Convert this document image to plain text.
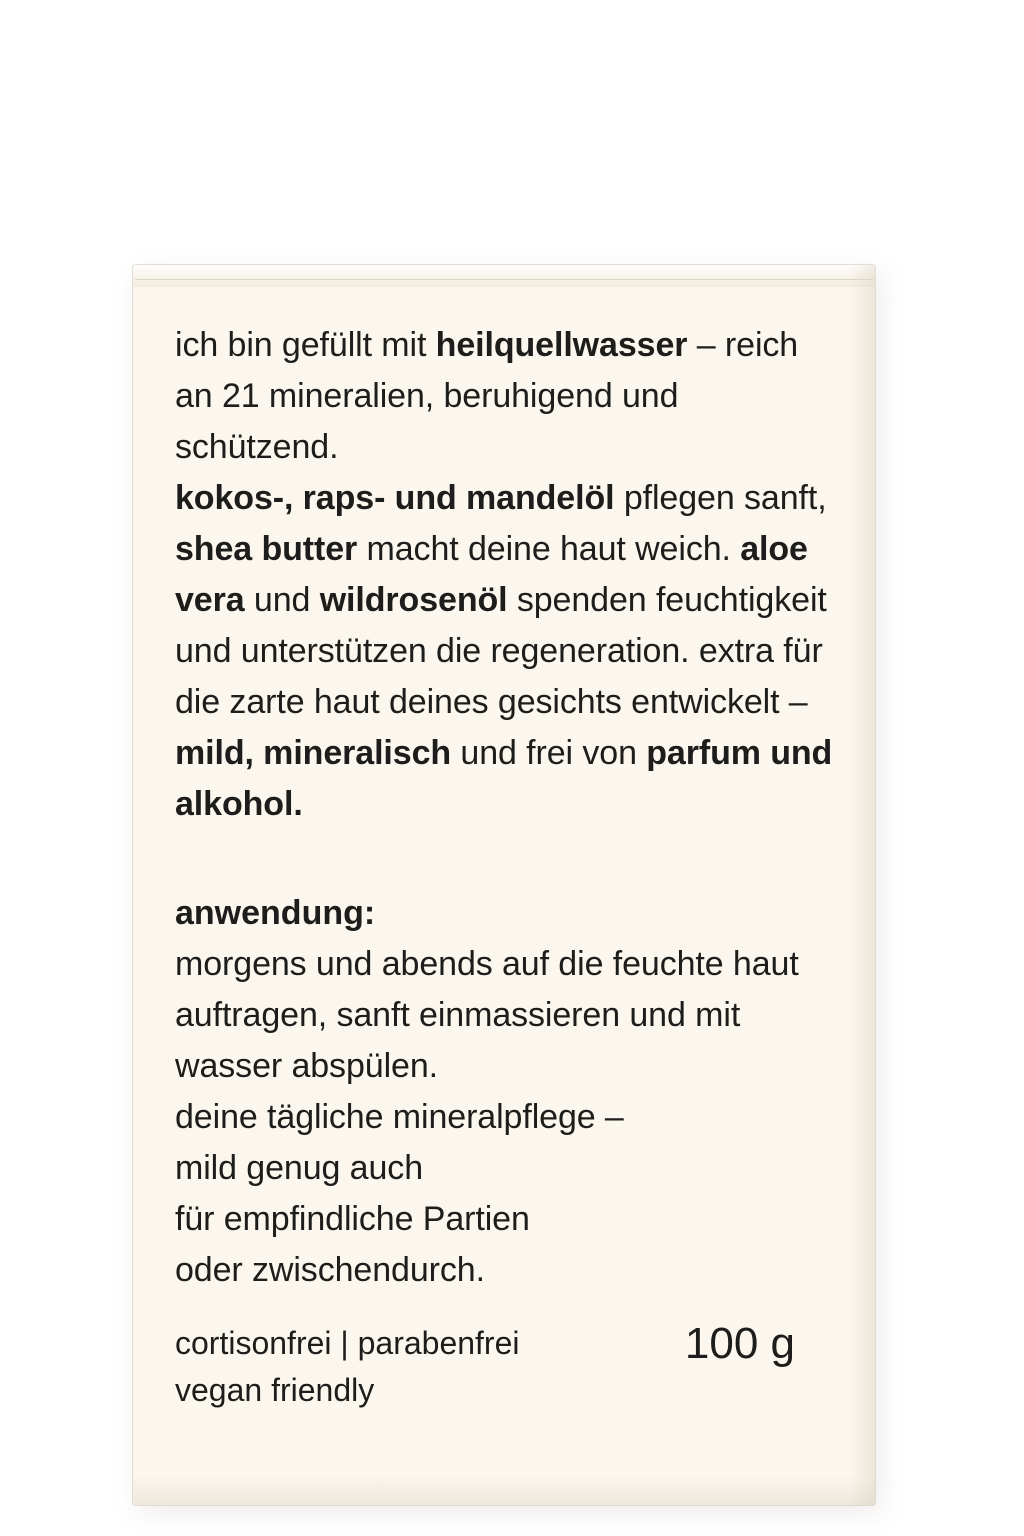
ich bin gefüllt mit heilquellwasser – reich an 21 mineralien, beruhigend und schützend.
kokos-, raps- und mandelöl pflegen sanft, shea butter macht deine haut weich. aloe vera und wildrosenöl spenden feuchtigkeit und unterstützen die regeneration. extra für die zarte haut deines gesichts entwickelt – mild, mineralisch und frei von parfum und alkohol.

anwendung:

morgens und abends auf die feuchte haut auftragen, sanft einmassieren und mit wasser abspülen.
deine tägliche mineralpflege –
mild genug auch
für empfindliche Partien
oder zwischendurch.

cortisonfrei | parabenfrei
vegan friendly
100 g
